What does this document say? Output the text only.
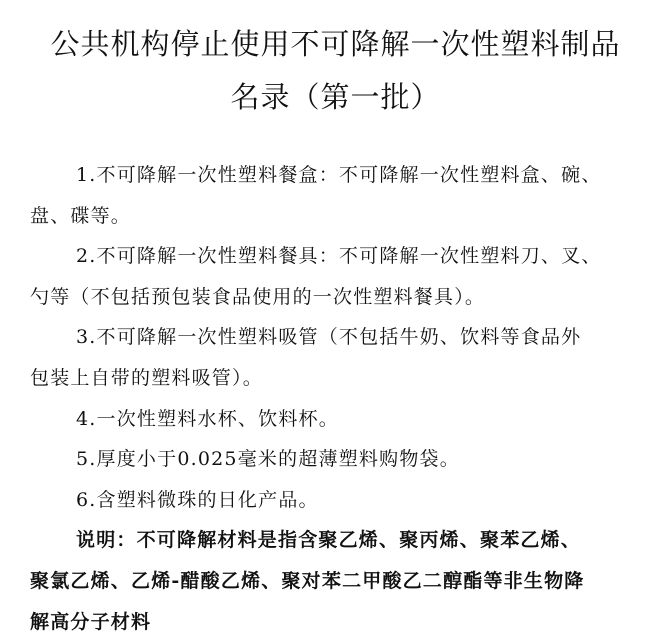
公共机构停止使用不可降解一次性塑料制品
名录（第一批）
1.不可降解一次性塑料餐盒：不可降解一次性塑料盒、碗、
盘、碟等。
2.不可降解一次性塑料餐具：不可降解一次性塑料刀、叉、
勺等（不包括预包装食品使用的一次性塑料餐具）。
3.不可降解一次性塑料吸管（不包括牛奶、饮料等食品外
包装上自带的塑料吸管）。
4.一次性塑料水杯、饮料杯。
5.厚度小于0.025毫米的超薄塑料购物袋。
6.含塑料微珠的日化产品。
说明：不可降解材料是指含聚乙烯、聚丙烯、聚苯乙烯、
聚氯乙烯、乙烯-醋酸乙烯、聚对苯二甲酸乙二醇酯等非生物降
解高分子材料
